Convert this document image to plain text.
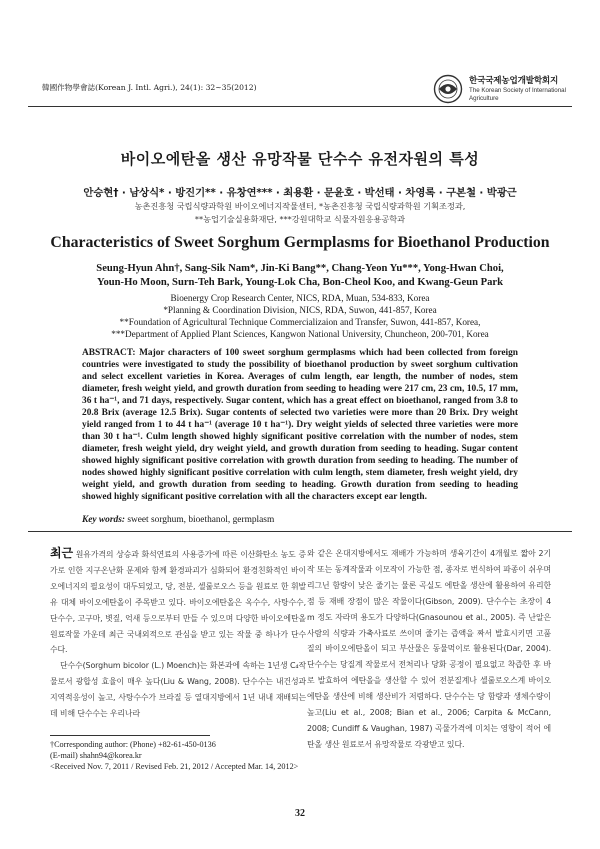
韓國作物學會誌(Korean J. Intl. Agri.), 24(1): 32~35(2012)
한국국제농업개발학회지
The Korean Society of International
Agriculture
바이오에탄올 생산 유망작물 단수수 유전자원의 특성
안승현† · 남상식* · 방진기** · 유창연*** · 최용환 · 문윤호 · 박선태 · 차영록 · 구본철 · 박광근
농촌진흥청 국립식량과학원 바이오에너지작물센터, *농촌진흥청 국립식량과학원 기획조정과,
**농업기술실용화재단, ***강원대학교 식물자원응용공학과
Characteristics of Sweet Sorghum Germplasms for Bioethanol Production
Seung-Hyun Ahn†, Sang-Sik Nam*, Jin-Ki Bang**, Chang-Yeon Yu***, Yong-Hwan Choi,
Youn-Ho Moon, Surn-Teh Bark, Young-Lok Cha, Bon-Cheol Koo, and Kwang-Geun Park
Bioenergy Crop Research Center, NICS, RDA, Muan, 534-833, Korea
*Planning & Coordination Division, NICS, RDA, Suwon, 441-857, Korea
**Foundation of Agricultural Technique Commercializaion and Transfer, Suwon, 441-857, Korea,
***Department of Applied Plant Sciences, Kangwon National University, Chuncheon, 200-701, Korea
ABSTRACT: Major characters of 100 sweet sorghum germplasms which had been collected from foreign countries were investigated to study the possibility of bioethanol production by sweet sorghum cultivation and select excellent varieties in Korea. Averages of culm length, ear length, the number of nodes, stem diameter, fresh weight yield, and growth duration from seeding to heading were 217 cm, 23 cm, 10.5, 17 mm, 36 t ha⁻¹, and 71 days, respectively. Sugar content, which has a great effect on bioethanol, ranged from 3.8 to 20.8 Brix (average 12.5 Brix). Sugar contents of selected two varieties were more than 20 Brix. Dry weight yield ranged from 1 to 44 t ha⁻¹ (average 10 t ha⁻¹). Dry weight yields of selected three varieties were more than 30 t ha⁻¹. Culm length showed highly significant positive correlation with the number of nodes, stem diameter, fresh weight yield, dry weight yield, and growth duration from seeding to heading. Sugar content showed highly significant positive correlation with growth duration from seeding to heading. The number of nodes showed highly significant positive correlation with culm length, stem diameter, fresh weight yield, dry weight yield, and growth duration from seeding to heading. Growth duration from seeding to heading showed highly significant positive correlation with all the characters except ear length.
Key words: sweet sorghum, bioethanol, germplasm

최근 원유가격의 상승과 화석연료의 사용증가에 따른 이산화탄소 농도 증가로 인한 지구온난화 문제와 함께 환경파괴가 심화되어 환경친화적인 바이오에너지의 필요성이 대두되었고, 당, 전분, 셀룰로오스 등을 원료로 한 휘발유 대체 바이오에탄올이 주목받고 있다. 바이오에탄올은 옥수수, 사탕수수, 단수수, 고구마, 볏짚, 억새 등으로부터 만들 수 있으며 다양한 바이오에탄올 원료작물 가운데 최근 국내외적으로 관심을 받고 있는 작물 중 하나가 단수수다.

단수수(Sorghum bicolor (L.) Moench)는 화본과에 속하는 1년생 C₄작물로서 광합성 효율이 매우 높다(Liu & Wang, 2008). 단수수는 내건성과 지역적응성이 높고, 사탕수수가 브라질 등 열대지방에서 1년 내내 재배되는 데 비해 단수수는 우리나라

와 같은 온대지방에서도 재배가 가능하며 생육기간이 4개월로 짧아 2기작 또는 동계작물과 이모작이 가능한 점, 종자로 번식하여 파종이 쉬우며 리그닌 함량이 낮은 줄기는 물론 곡실도 에탄올 생산에 활용하여 유리한 점 등 재배 장점이 많은 작물이다(Gibson, 2009). 단수수는 초장이 4 m 정도 자라며 용도가 다양하다(Gnasounou et al., 2005). 즉 난알은 사람의 식량과 가축사료로 쓰이며 줄기는 즙액을 짜서 발효시키면 고품질의 바이오에탄올이 되고 부산물은 동물먹이로 활용된다(Dar, 2004). 단수수는 당질계 작물로서 전처리나 당화 공정이 필요없고 착즙한 후 바로 발효하여 에탄올을 생산할 수 있어 전분질계나 셀룰로오스계 바이오에탄올 생산에 비해 생산비가 저렴하다. 단수수는 당 함량과 생체수량이 높고(Liu et al., 2008; Bian et al., 2006; Carpita & McCann, 2008; Cundiff & Vaughan, 1987) 곡물가격에 미치는 영향이 적어 에탄올 생산 원료로서 유망작물로 각광받고 있다.

†Corresponding author: (Phone) +82-61-450-0136
(E-mail) shahn94@korea.kr
<Received Nov. 7, 2011 / Revised Feb. 21, 2012 / Accepted Mar. 14, 2012>
32
